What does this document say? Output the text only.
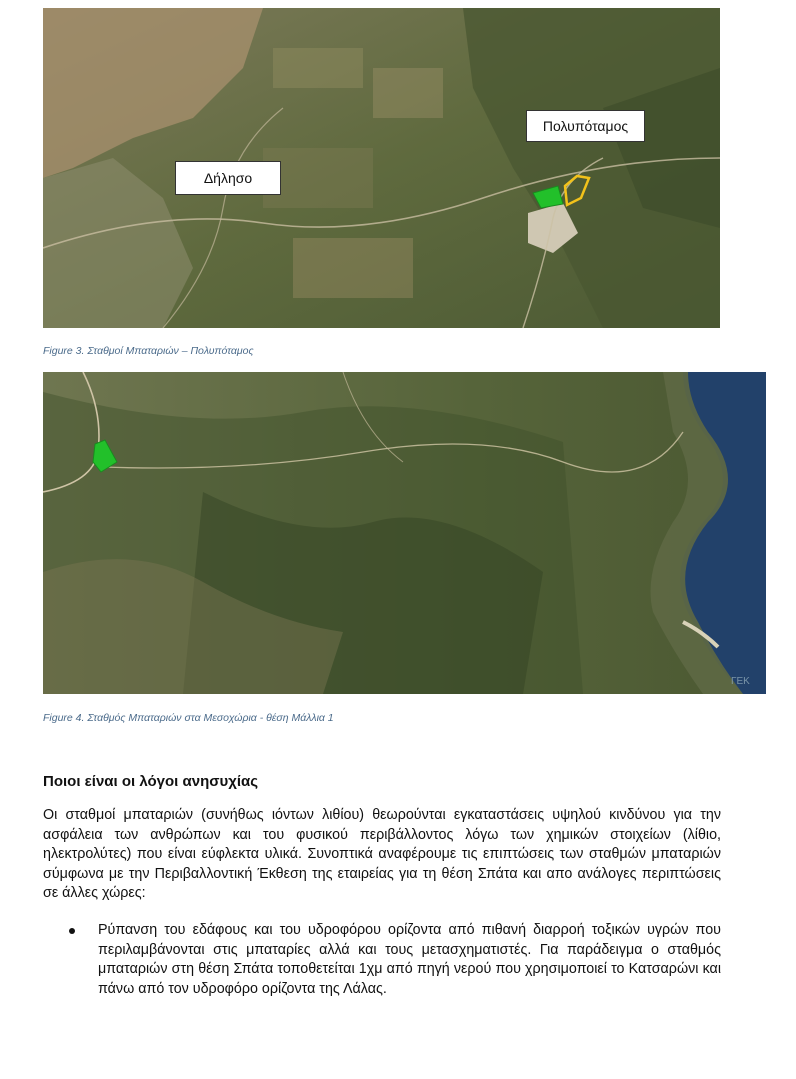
Δήλησο
Πολυπόταμος
Figure 3. Σταθμοί Μπαταριών – Πολυπόταμος
ΓΕΚ
Figure 4. Σταθμός Μπαταριών στα Μεσοχώρια - θέση Μάλλια 1
Ποιοι είναι οι λόγοι ανησυχίας

Οι σταθμοί μπαταριών (συνήθως ιόντων λιθίου) θεωρούνται εγκαταστάσεις υψηλού κινδύνου για την ασφάλεια των ανθρώπων και του φυσικού περιβάλλοντος λόγω των χημικών στοιχείων (λίθιο, ηλεκτρολύτες) που είναι εύφλεκτα υλικά. Συνοπτικά αναφέρουμε τις επιπτώσεις των σταθμών μπαταριών σύμφωνα με την Περιβαλλοντική Έκθεση της εταιρείας για τη θέση Σπάτα και απο ανάλογες περιπτώσεις σε άλλες χώρες:

Ρύπανση του εδάφους και του υδροφόρου ορίζοντα από πιθανή διαρροή τοξικών υγρών που περιλαμβάνονται στις μπαταρίες αλλά και τους μετασχηματιστές. Για παράδειγμα ο σταθμός μπαταριών στη θέση Σπάτα τοποθετείται 1χμ από πηγή νερού που χρησιμοποιεί το Κατσαρώνι και πάνω από τον υδροφόρο ορίζοντα της Λάλας.
